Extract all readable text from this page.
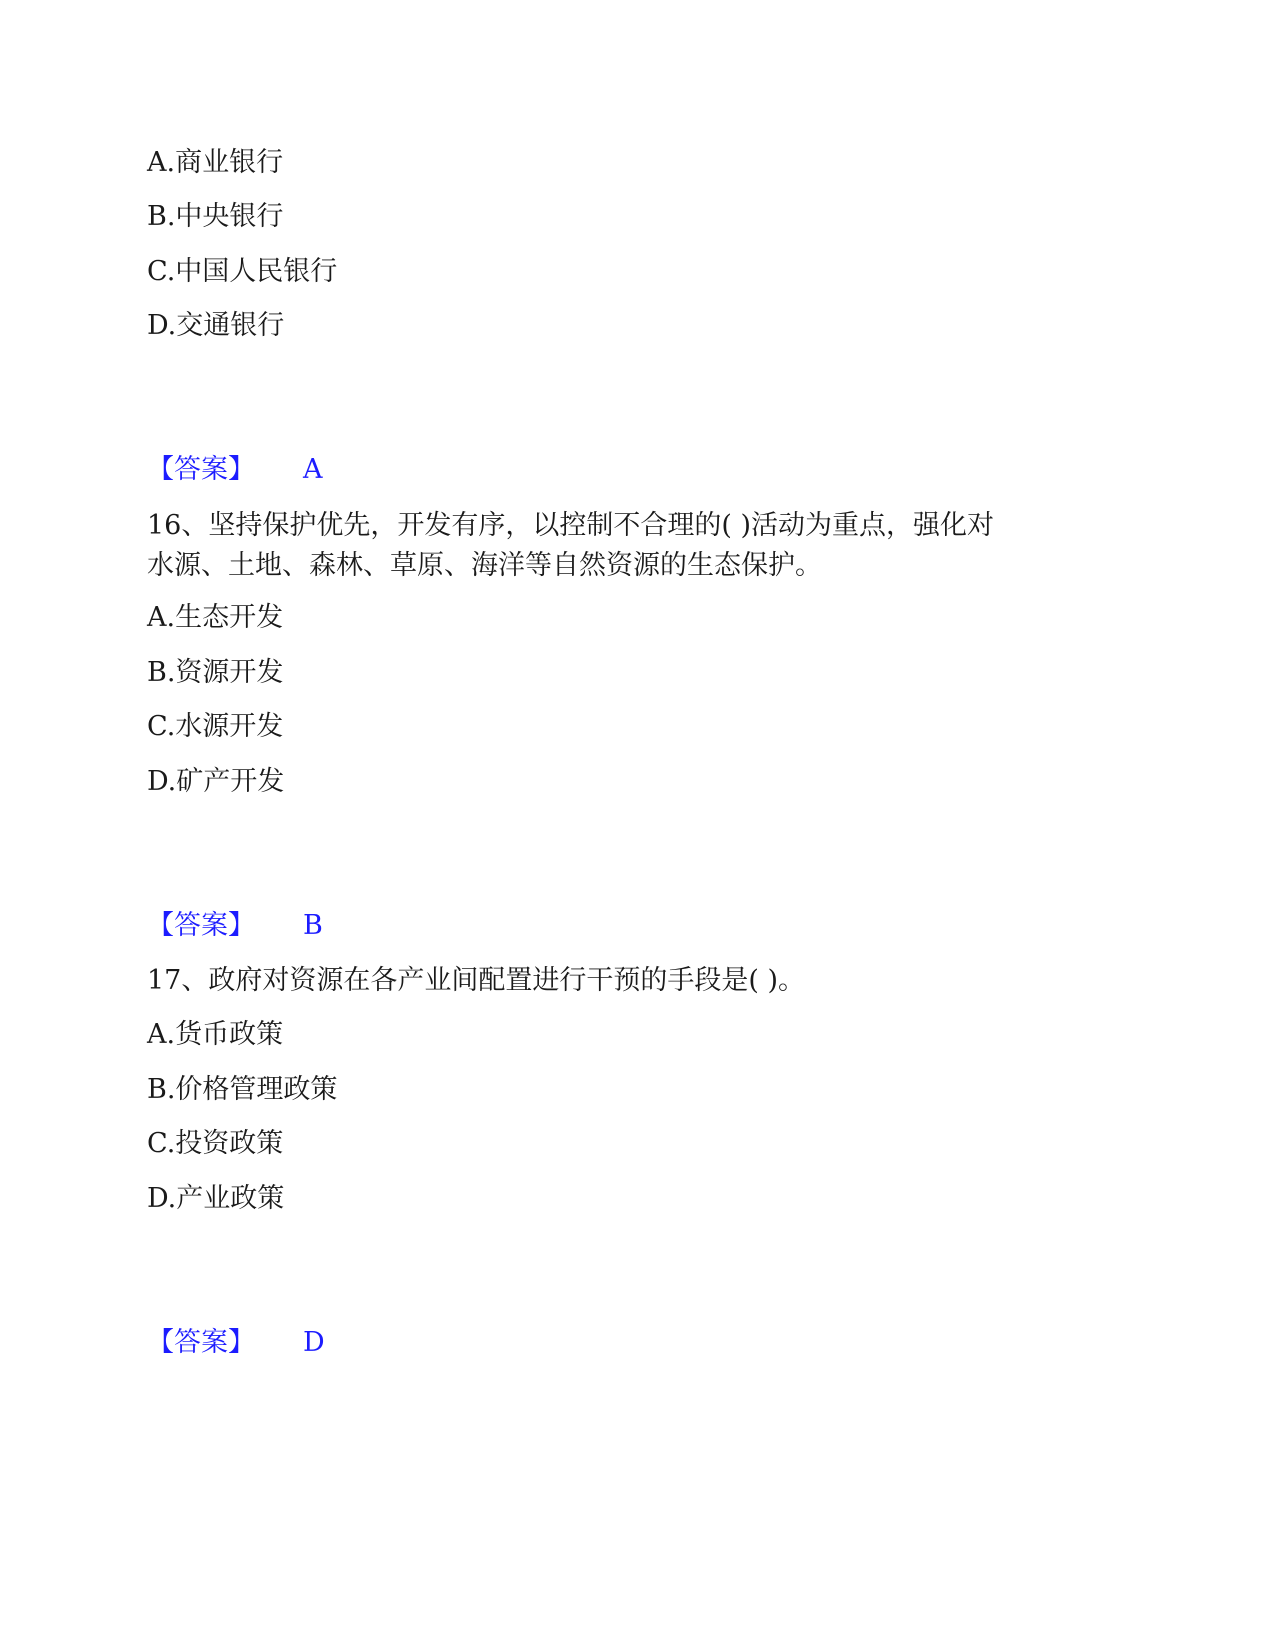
A.商业银行
B.中央银行
C.中国人民银行
D.交通银行
【答案】 A
16、坚持保护优先，开发有序，以控制不合理的( )活动为重点，强化对
水源、土地、森林、草原、海洋等自然资源的生态保护。
A.生态开发
B.资源开发
C.水源开发
D.矿产开发
【答案】 B
17、政府对资源在各产业间配置进行干预的手段是( )。
A.货币政策
B.价格管理政策
C.投资政策
D.产业政策
【答案】 D
